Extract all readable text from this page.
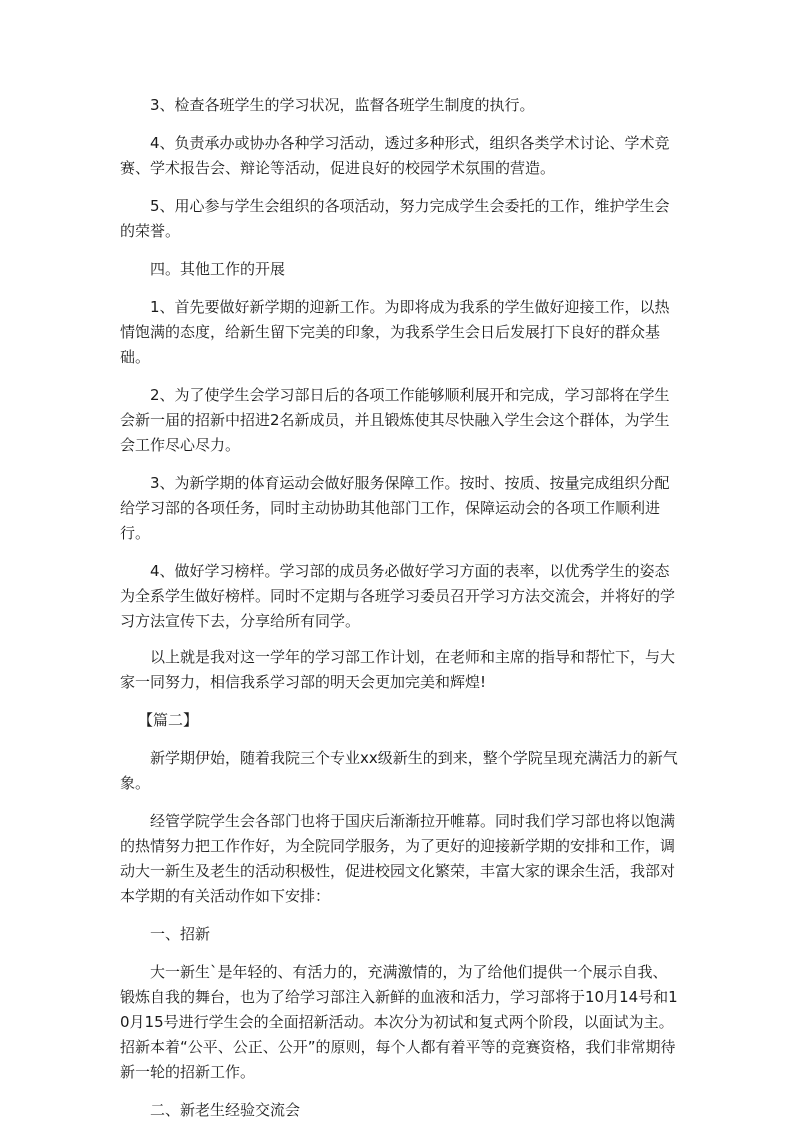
3、检查各班学生的学习状况，监督各班学生制度的执行。

4、负责承办或协办各种学习活动，透过多种形式，组织各类学术讨论、学术竞赛、学术报告会、辩论等活动，促进良好的校园学术氛围的营造。

5、用心参与学生会组织的各项活动，努力完成学生会委托的工作，维护学生会的荣誉。

四。其他工作的开展

1、首先要做好新学期的迎新工作。为即将成为我系的学生做好迎接工作，以热情饱满的态度，给新生留下完美的印象，为我系学生会日后发展打下良好的群众基础。

2、为了使学生会学习部日后的各项工作能够顺利展开和完成，学习部将在学生会新一届的招新中招进2名新成员，并且锻炼使其尽快融入学生会这个群体，为学生会工作尽心尽力。

3、为新学期的体育运动会做好服务保障工作。按时、按质、按量完成组织分配给学习部的各项任务，同时主动协助其他部门工作，保障运动会的各项工作顺利进行。

4、做好学习榜样。学习部的成员务必做好学习方面的表率，以优秀学生的姿态为全系学生做好榜样。同时不定期与各班学习委员召开学习方法交流会，并将好的学习方法宣传下去，分享给所有同学。

以上就是我对这一学年的学习部工作计划，在老师和主席的指导和帮忙下，与大家一同努力，相信我系学习部的明天会更加完美和辉煌!

【篇二】

新学期伊始，随着我院三个专业xx级新生的到来，整个学院呈现充满活力的新气象。

经管学院学生会各部门也将于国庆后渐渐拉开帷幕。同时我们学习部也将以饱满的热情努力把工作作好，为全院同学服务，为了更好的迎接新学期的安排和工作，调动大一新生及老生的活动积极性，促进校园文化繁荣，丰富大家的课余生活，我部对本学期的有关活动作如下安排：

一、招新

大一新生`是年轻的、有活力的，充满激情的，为了给他们提供一个展示自我、锻炼自我的舞台，也为了给学习部注入新鲜的血液和活力，学习部将于10月14号和10月15号进行学生会的全面招新活动。本次分为初试和复式两个阶段，以面试为主。招新本着“公平、公正、公开”的原则，每个人都有着平等的竞赛资格，我们非常期待新一轮的招新工作。

二、新老生经验交流会
